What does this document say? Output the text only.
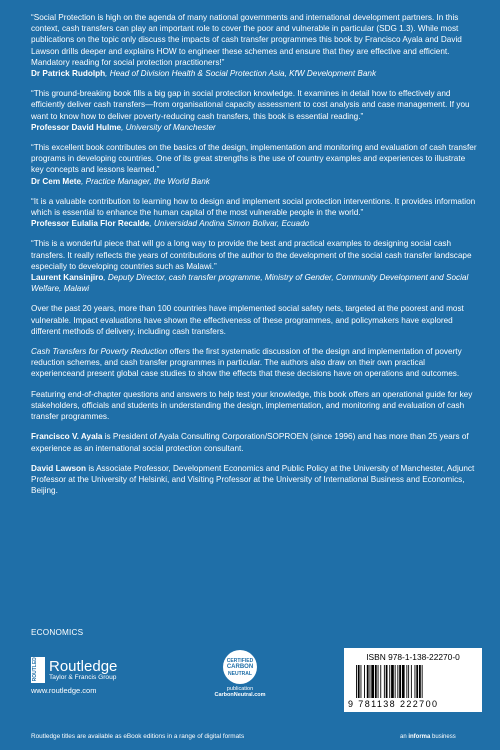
“Social Protection is high on the agenda of many national governments and international development partners. In this context, cash transfers can play an important role to cover the poor and vulnerable in particular (SDG 1.3). While most publications on the topic only discuss the impacts of cash transfer programmes this book by Francisco Ayala and David Lawson drills deeper and explains HOW to engineer these schemes and ensure that they are effective and efficient. Mandatory reading for social protection practitioners!”

Dr Patrick Rudolph, Head of Division Health & Social Protection Asia, KfW Development Bank

“This ground-breaking book fills a big gap in social protection knowledge. It examines in detail how to effectively and efficiently deliver cash transfers—from organisational capacity assessment to cost analysis and case management. If you want to know how to deliver poverty-reducing cash transfers, this book is essential reading.”

Professor David Hulme, University of Manchester

“This excellent book contributes on the basics of the design, implementation and monitoring and evaluation of cash transfer programs in developing countries. One of its great strengths is the use of country examples and experiences to illustrate key concepts and lessons learned.”

Dr Cem Mete, Practice Manager, the World Bank

“It is a valuable contribution to learning how to design and implement social protection interventions. It provides information which is essential to enhance the human capital of the most vulnerable people in the world.”

Professor Eulalia Flor Recalde, Universidad Andina Simon Bolivar, Ecuado

“This is a wonderful piece that will go a long way to provide the best and practical examples to designing social cash transfers. It really reflects the years of contributions of the author to the development of the social cash transfer landscape especially to developing countries such as Malawi.”

Laurent Kansinjiro, Deputy Director, cash transfer programme, Ministry of Gender, Community Development and Social Welfare, Malawi

Over the past 20 years, more than 100 countries have implemented social safety nets, targeted at the poorest and most vulnerable. Impact evaluations have shown the effectiveness of these programmes, and policymakers have explored different methods of delivery, including cash transfers.

Cash Transfers for Poverty Reduction offers the first systematic discussion of the design and implementation of poverty reduction schemes, and cash transfer programmes in particular. The authors also draw on their own practical experienceand present global case studies to show the effects that these decisions have on operations and outcomes.

Featuring end-of-chapter questions and answers to help test your knowledge, this book offers an operational guide for key stakeholders, officials and students in understanding the design, implementation, and monitoring and evaluation of cash transfer programmes.

Francisco V. Ayala is President of Ayala Consulting Corporation/SOPROEN (since 1996) and has more than 25 years of experience as an international social protection consultant.

David Lawson is Associate Professor, Development Economics and Public Policy at the University of Manchester, Adjunct Professor at the University of Helsinki, and Visiting Professor at the University of International Business and Economics, Beijing.

ECONOMICS
ROUTLEDGE Routledge
Taylor & Francis Group
www.routledge.com
CERTIFIED
CARBON
NEUTRAL
publication
CarbonNeutral.com
ISBN 978-1-138-22270-0
9 781138 222700
Routledge titles are available as eBook editions in a range of digital formats	an informa business
